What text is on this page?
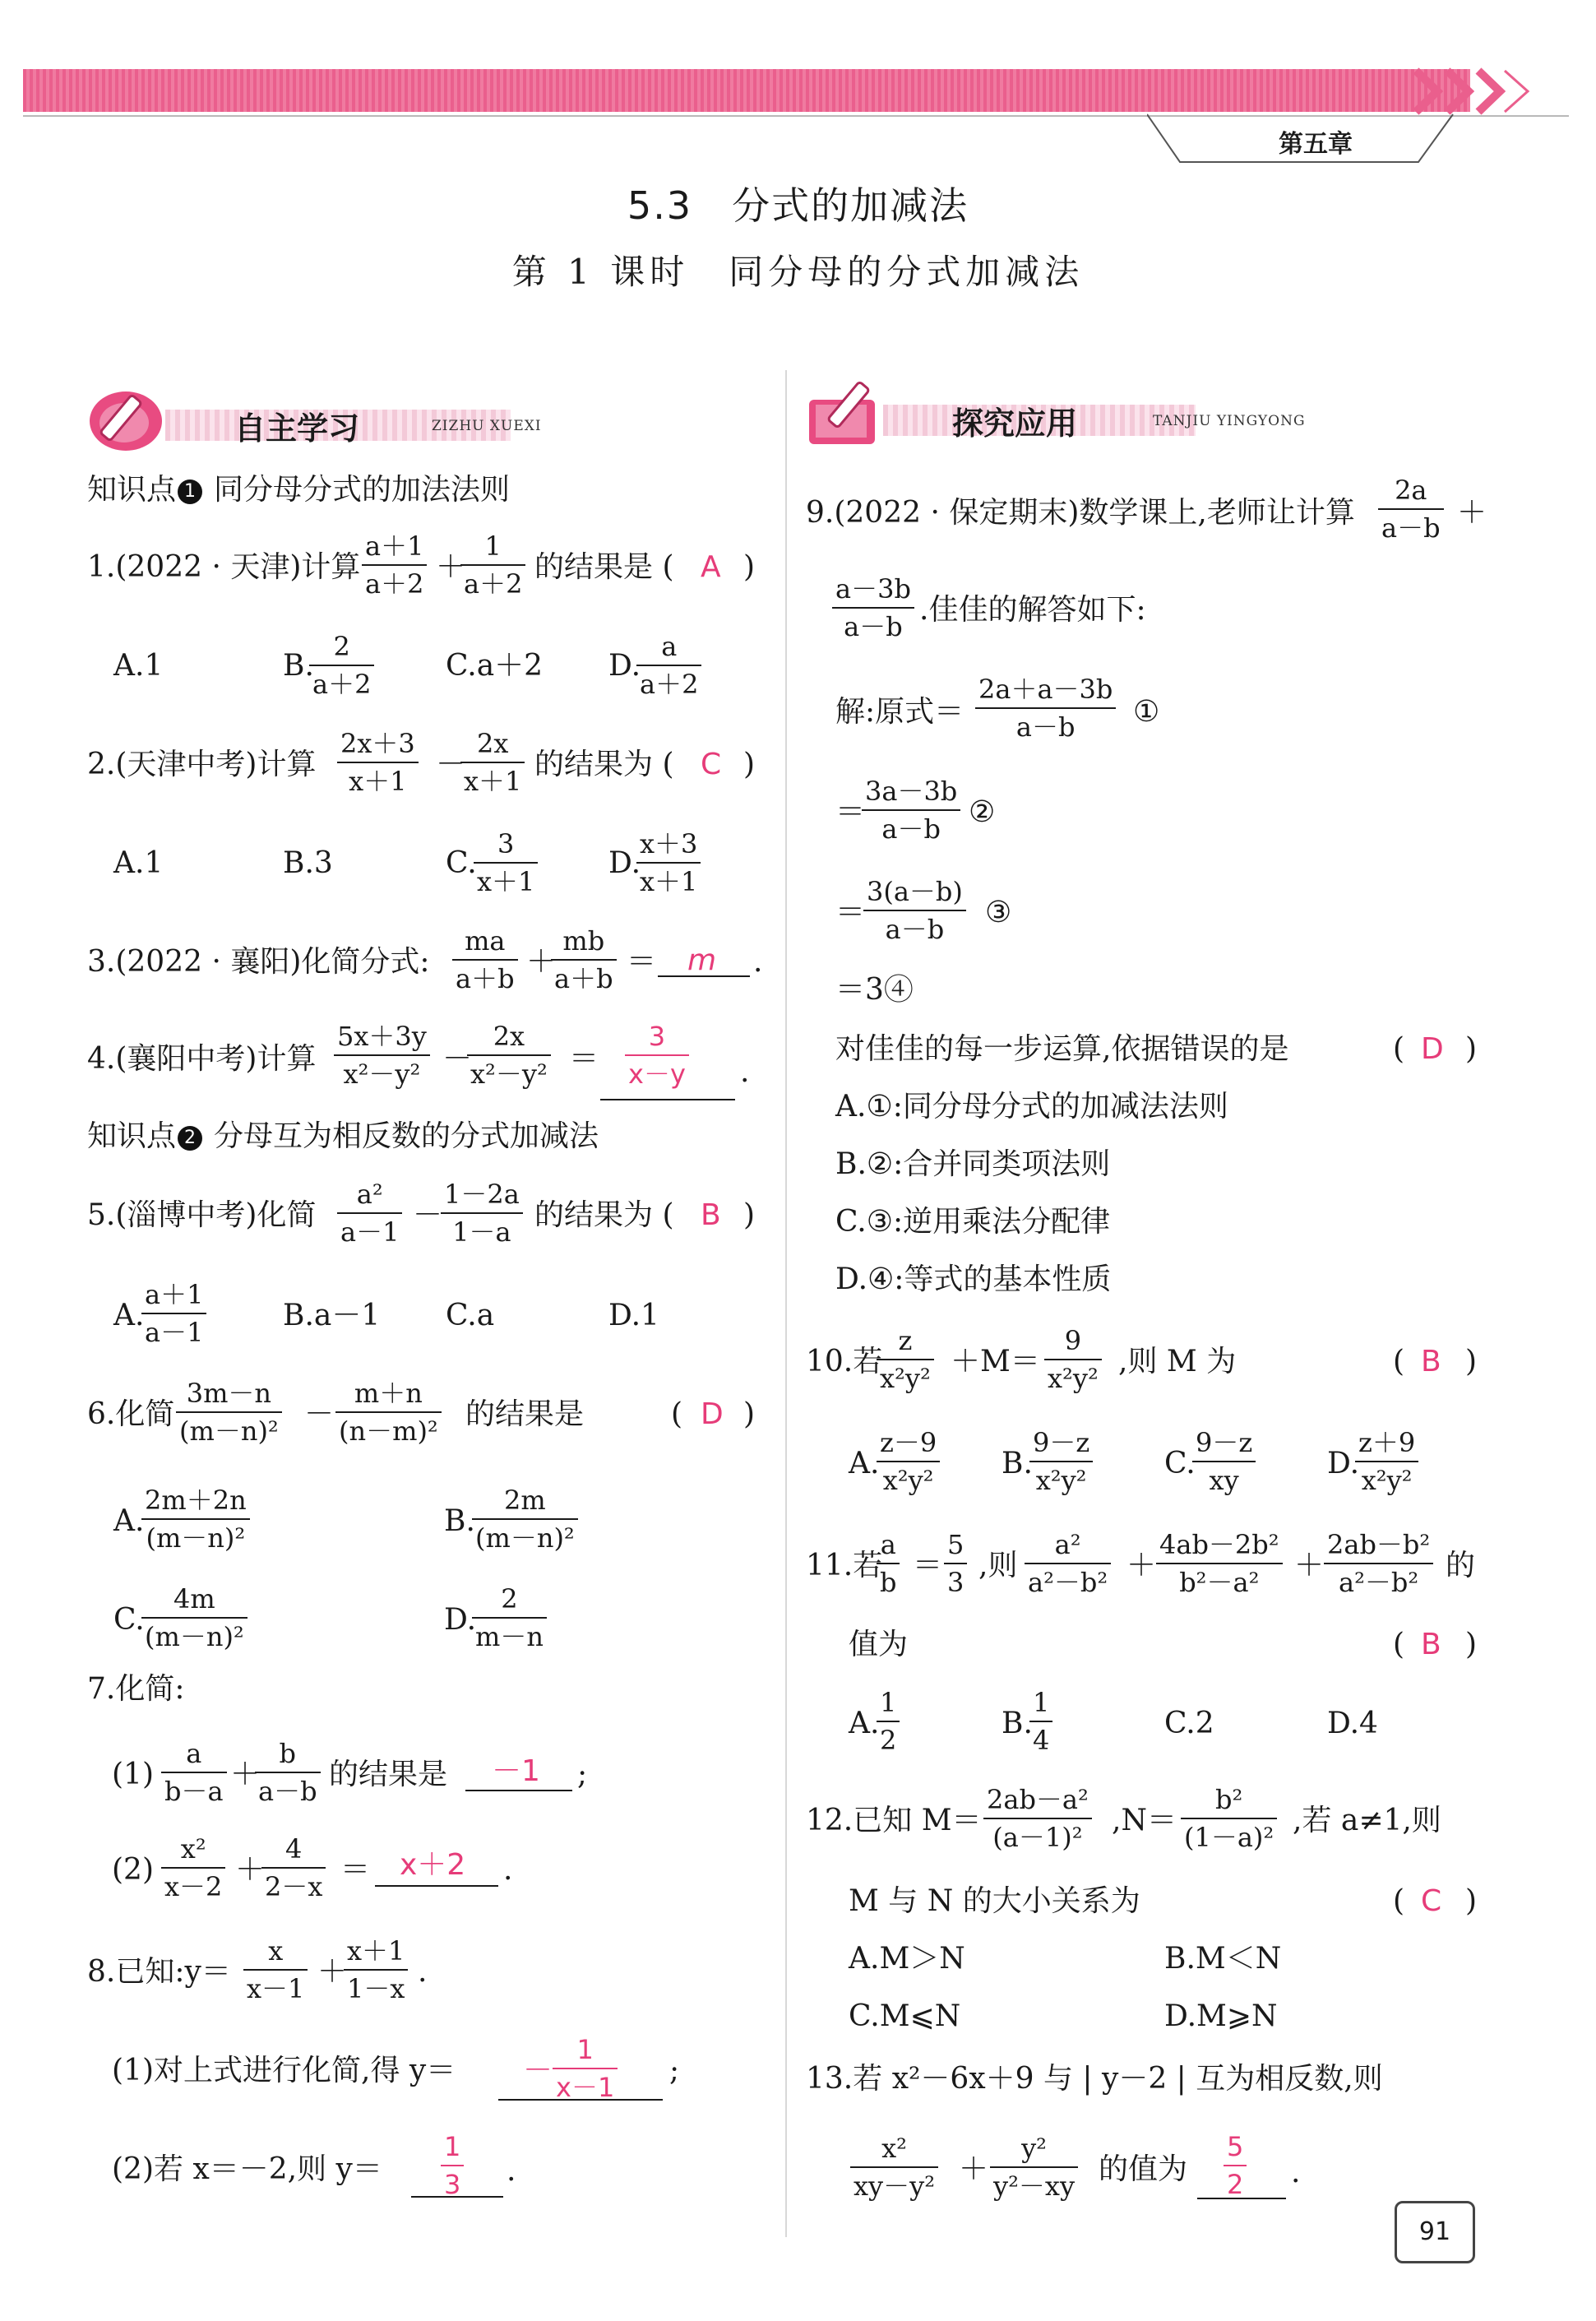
第五章
5.3　分式的加减法
第 1 课时　同分母的分式加减法
自主学习	ZIZHU XUEXI	探究应用	TANJIU YINGYONG
知识点 1 同分母分式的加法法则
1.(2022 · 天津)计算
a＋1
a＋2 ＋
1
a＋2 的结果是 ( A )
A.1	B.
2
a＋2
C.a＋2 D.
a
a＋2
2.(天津中考)计算
2x＋3
x＋1 －
2x
x＋1 的结果为 ( C )
A.1	B.3	C.
3
x＋1
D.
x＋3
x＋1
3.(2022 · 襄阳)化简分式:
ma
a＋b ＋
mb
a＋b ＝ m .
4.(襄阳中考)计算
5x＋3y
x²－y² －
2x
x²－y² ＝
3
x－y .
知识点 2 分母互为相反数的分式加减法
5.(淄博中考)化简
a²
a－1 －
1－2a
1－a 的结果为 ( B )
A.
a＋1
a－1	B.a－1 C.a	D.1
6.化简
3m－n
(m－n)² －
m＋n
(n－m)² 的结果是	( D )
A.
2m＋2n
(m－n)²	B.
2m
(m－n)²
C.
4m
(m－n)²	D.
2
m－n
7.化简:
(1)
a
b－a ＋
b
a－b 的结果是 －1 ;
(2)
x²
x－2 ＋
4
2－x ＝ x＋2 .
8.已知:y＝
x
x－1 ＋
x＋1
1－x .
(1)对上式进行化简,得 y＝ －
1
x－1 ;
(2)若 x＝－2,则 y＝
1
3 .
9.(2022 · 保定期末)数学课上,老师让计算
2a
a－b ＋
a－3b
a－b .佳佳的解答如下:
解:原式＝
2a＋a－3b
a－b	①
＝
3a－3b
a－b ②
＝
3(a－b)
a－b	③
＝3④
对佳佳的每一步运算,依据错误的是	( D )
A.①:同分母分式的加减法法则
B.②:合并同类项法则
C.③:逆用乘法分配律
D.④:等式的基本性质
10.若
z
x²y² ＋M＝
9
x²y² ,则 M 为	( B )
A.
z－9
x²y² B.
9－z
x²y²	C.
9－z
xy	D.
z＋9
x²y²
11.若
a
b ＝
5
3 ,则
a²
a²－b² ＋
4ab－2b²
b²－a²	＋
2ab－b²
a²－b² 的
值为	( B )
A.
1
2	B.
1
4	C.2	D.4
12.已知 M＝
2ab－a²
(a－1)² ,N＝
b²
(1－a)² ,若 a≠1,则
M 与 N 的大小关系为	( C )
A.M＞N	B.M＜N
C.M⩽N	D.M⩾N
13.若 x²－6x＋9 与 | y－2 | 互为相反数,则
x²
xy－y² ＋
y²
y²－xy 的值为
5
2 .
91
